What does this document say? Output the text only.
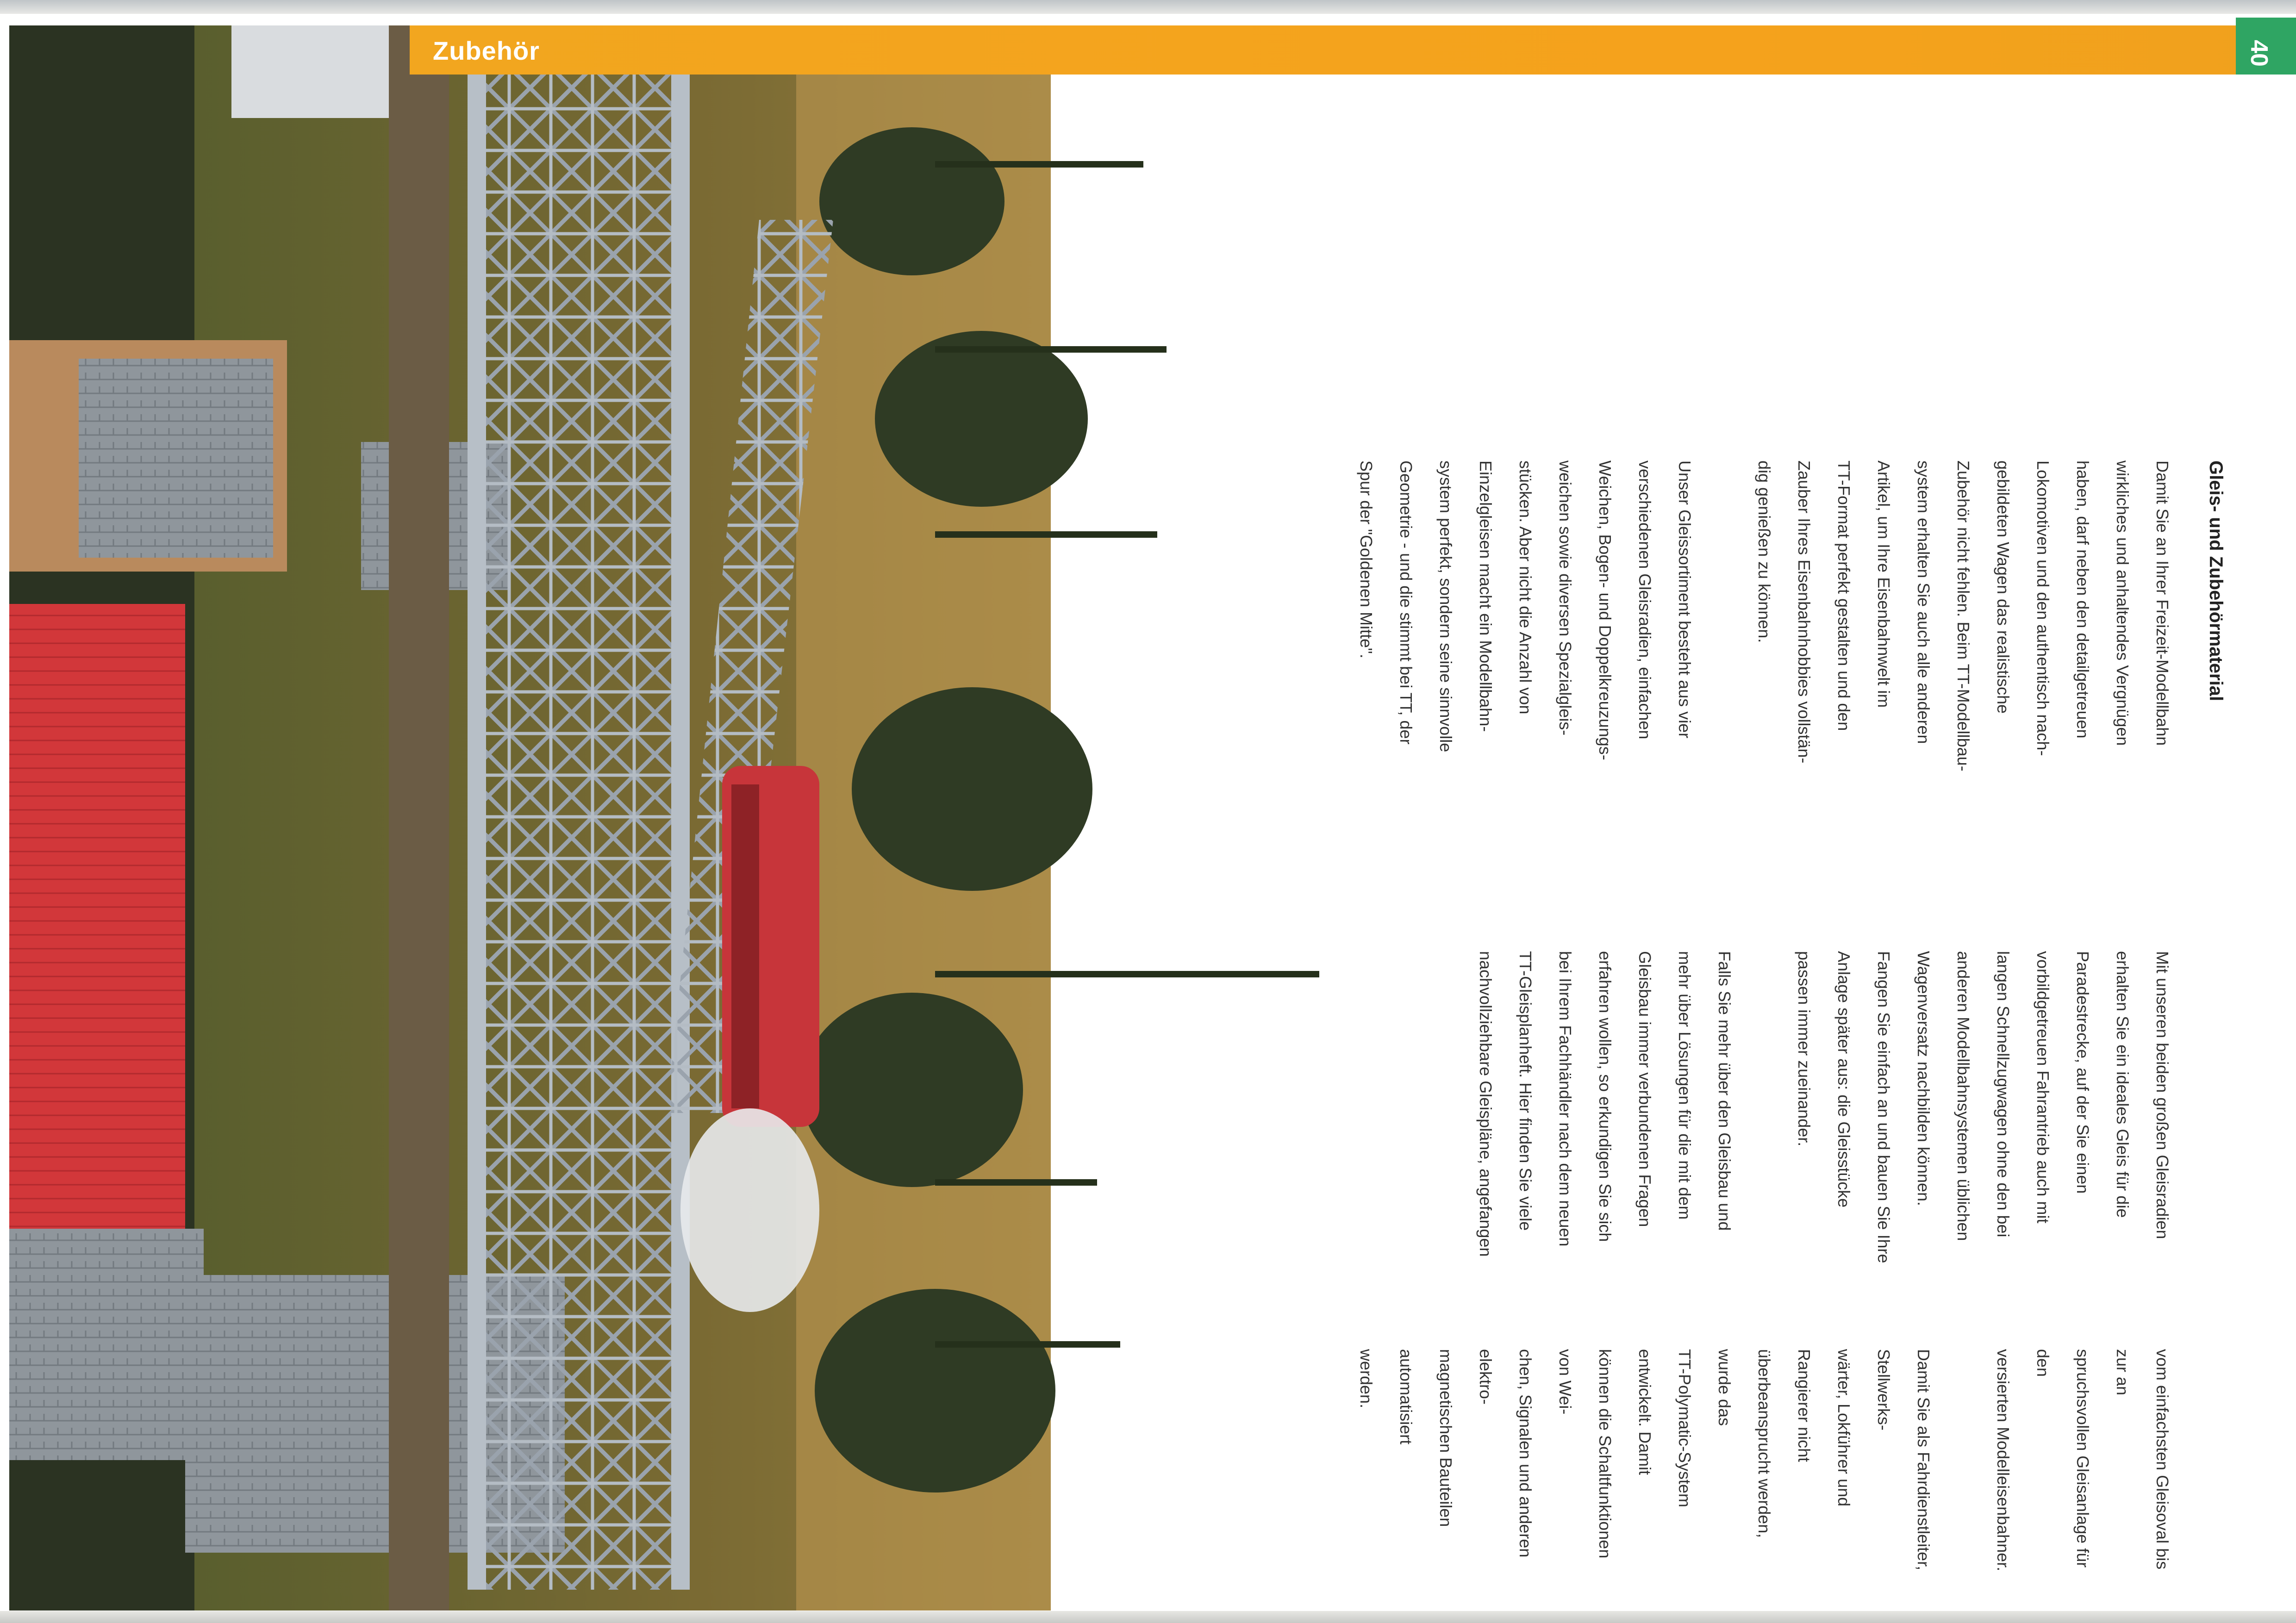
Zubehör	40
Gleis- und Zubehörmaterial
Damit Sie an Ihrer Freizeit-Modellbahn
wirkliches und anhaltendes Vergnügen
haben, darf neben den detailgetreuen
Lokomotiven und den authentisch nach-
gebildeten Wagen das realistische
Zubehör nicht fehlen. Beim TT-Modellbau-
system erhalten Sie auch alle anderen
Artikel, um Ihre Eisenbahnwelt im
TT-Format perfekt gestalten und den
Zauber Ihres Eisenbahnhobbies vollstän-
dig genießen zu können.
Unser Gleissortiment besteht aus vier
verschiedenen Gleisradien, einfachen
Weichen, Bogen- und Doppelkreuzungs-
weichen sowie diversen Spezialgleis-
stücken. Aber nicht die Anzahl von
Einzelgleisen macht ein Modellbahn-
system perfekt, sondern seine sinnvolle
Geometrie - und die stimmt bei TT, der
Spur der "Goldenen Mitte".
Mit unseren beiden großen Gleisradien
erhalten Sie ein ideales Gleis für die
Paradestrecke, auf der Sie einen
vorbildgetreuen Fahrantrieb auch mit
langen Schnellzugwagen ohne den bei
anderen Modellbahnsystemen üblichen
Wagenversatz nachbilden können.
Fangen Sie einfach an und bauen Sie Ihre
Anlage später aus: die Gleisstücke
passen immer zueinander.
Falls Sie mehr über den Gleisbau und
mehr über Lösungen für die mit dem
Gleisbau immer verbundenen Fragen
erfahren wollen, so erkundigen Sie sich
bei Ihrem Fachhändler nach dem neuen
TT-Gleisplanheft. Hier finden Sie viele
nachvollziehbare Gleispläne, angefangen
vom einfachsten Gleisoval bis zur an
spruchsvollen Gleisanlage für den
versierten Modelleisenbahner.
Damit Sie als Fahrdienstleiter, Stellwerks-
wärter, Lokführer und Rangierer nicht
überbeansprucht werden, wurde das
TT-Polymatic-System entwickelt. Damit
können die Schaltfunktionen von Wei-
chen, Signalen und anderen elektro-
magnetischen Bauteilen automatisiert
werden.
